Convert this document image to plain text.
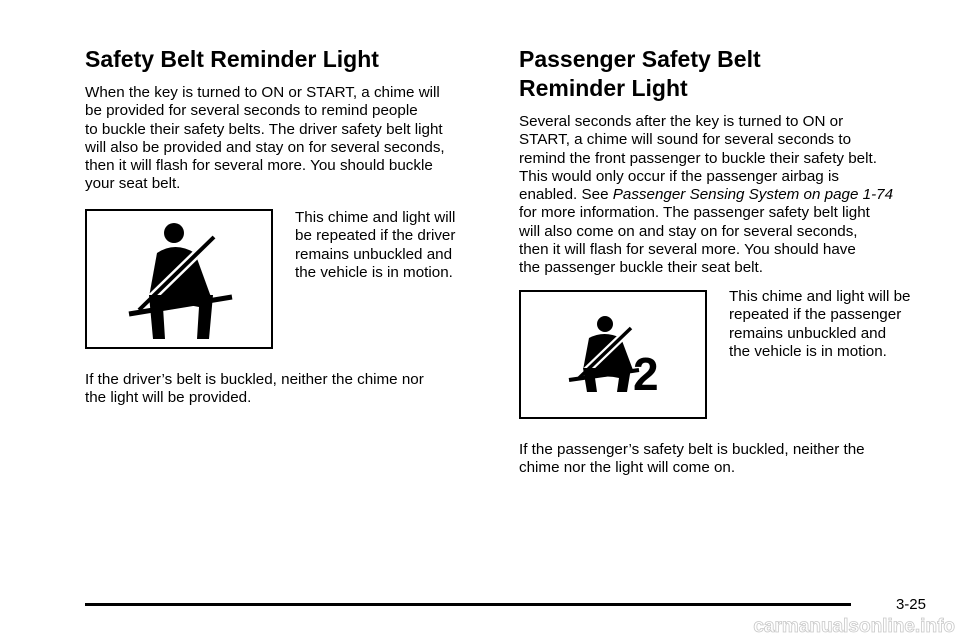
Safety Belt Reminder Light

When the key is turned to ON or START, a chime will
be provided for several seconds to remind people
to buckle their safety belts. The driver safety belt light
will also be provided and stay on for several seconds,
then it will flash for several more. You should buckle
your seat belt.

This chime and light will
be repeated if the driver
remains unbuckled and
the vehicle is in motion.

If the driver’s belt is buckled, neither the chime nor
the light will be provided.

Passenger Safety Belt
Reminder Light

Several seconds after the key is turned to ON or
START, a chime will sound for several seconds to
remind the front passenger to buckle their safety belt.
This would only occur if the passenger airbag is
enabled. See Passenger Sensing System on page 1-74
for more information. The passenger safety belt light
will also come on and stay on for several seconds,
then it will flash for several more. You should have
the passenger buckle their seat belt.

2

This chime and light will be
repeated if the passenger
remains unbuckled and
the vehicle is in motion.

If the passenger’s safety belt is buckled, neither the
chime nor the light will come on.

3-25
carmanualsonline.info
